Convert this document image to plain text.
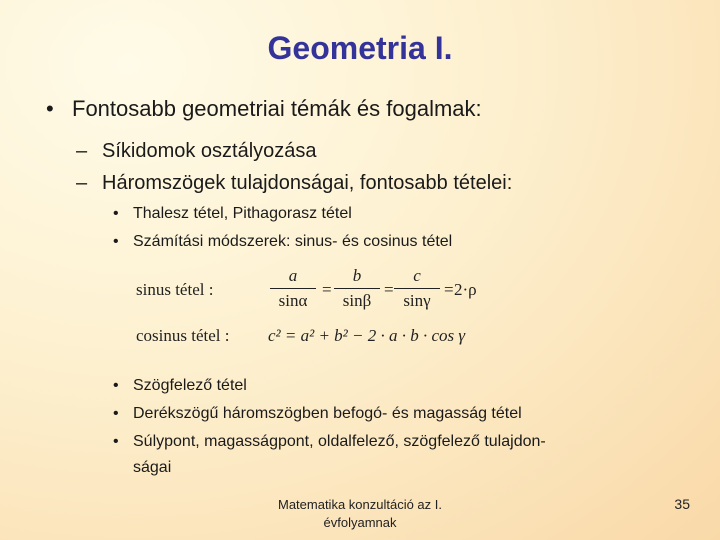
Geometria I.
• Fontosabb geometriai témák és fogalmak:
– Síkidomok osztályozása
– Háromszögek tulajdonságai, fontosabb tételei:
• Thalesz tétel, Pithagorasz tétel
• Számítási módszerek: sinus- és cosinus tétel
sinus tétel :
a
sinα
=
b
sinβ
=
c
sinγ
= 2·ρ
cosinus tétel : c² = a² + b² − 2 · a · b · cos γ
• Szögfelező tétel
• Derékszögű háromszögben befogó- és magasság tétel
• Súlypont, magasságpont, oldalfelező, szögfelező tulajdon-
ságai
Matematika konzultáció az I.
évfolyamnak
35
